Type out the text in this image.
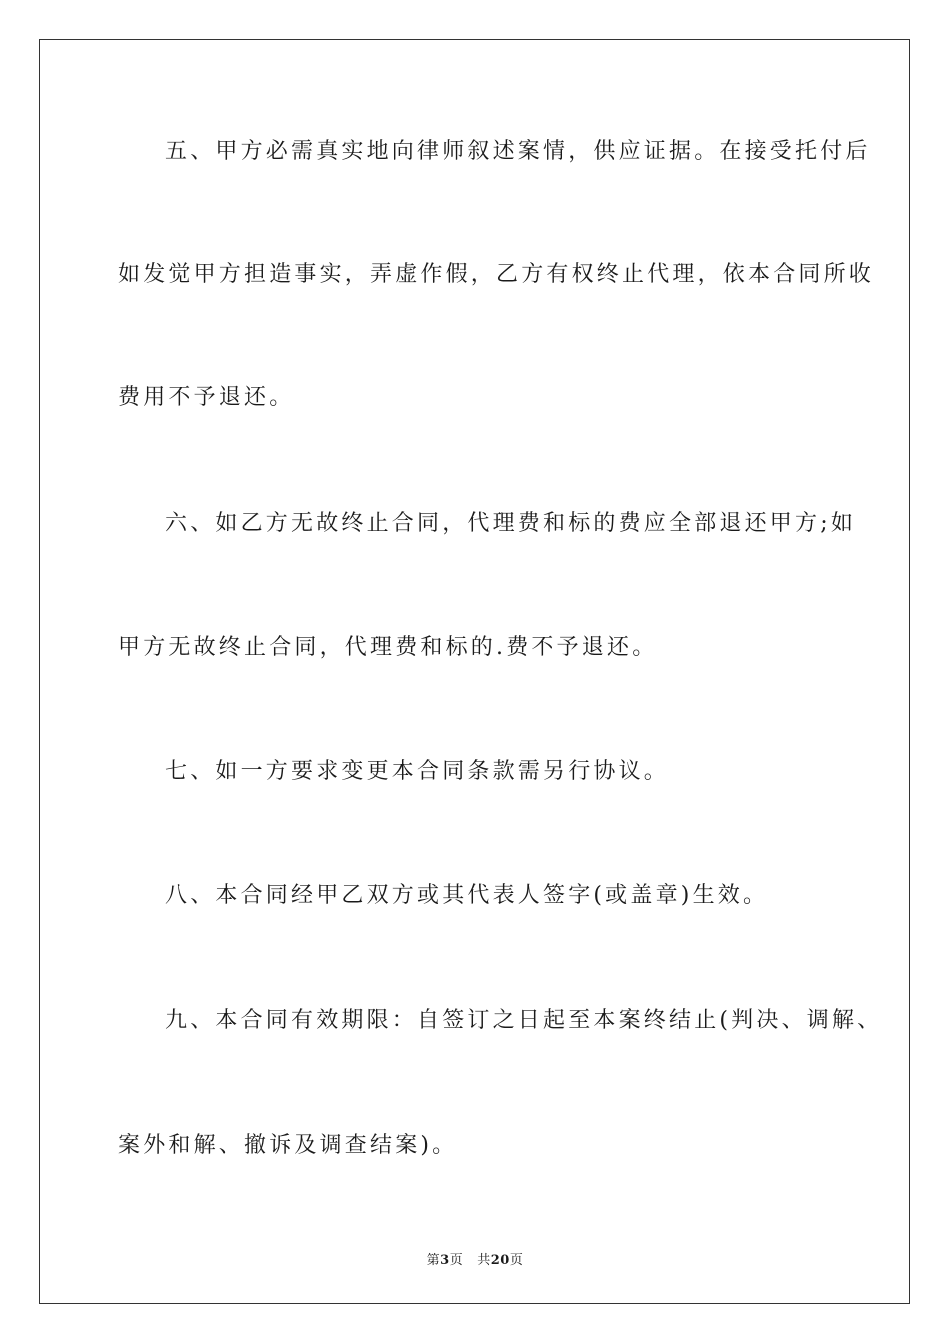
五、甲方必需真实地向律师叙述案情，供应证据。在接受托付后
如发觉甲方担造事实，弄虚作假，乙方有权终止代理，依本合同所收
费用不予退还。
六、如乙方无故终止合同，代理费和标的费应全部退还甲方;如
甲方无故终止合同，代理费和标的.费不予退还。
七、如一方要求变更本合同条款需另行协议。
八、本合同经甲乙双方或其代表人签字(或盖章)生效。
九、本合同有效期限：自签订之日起至本案终结止(判决、调解、
案外和解、撤诉及调查结案)。
第3页 共20页
